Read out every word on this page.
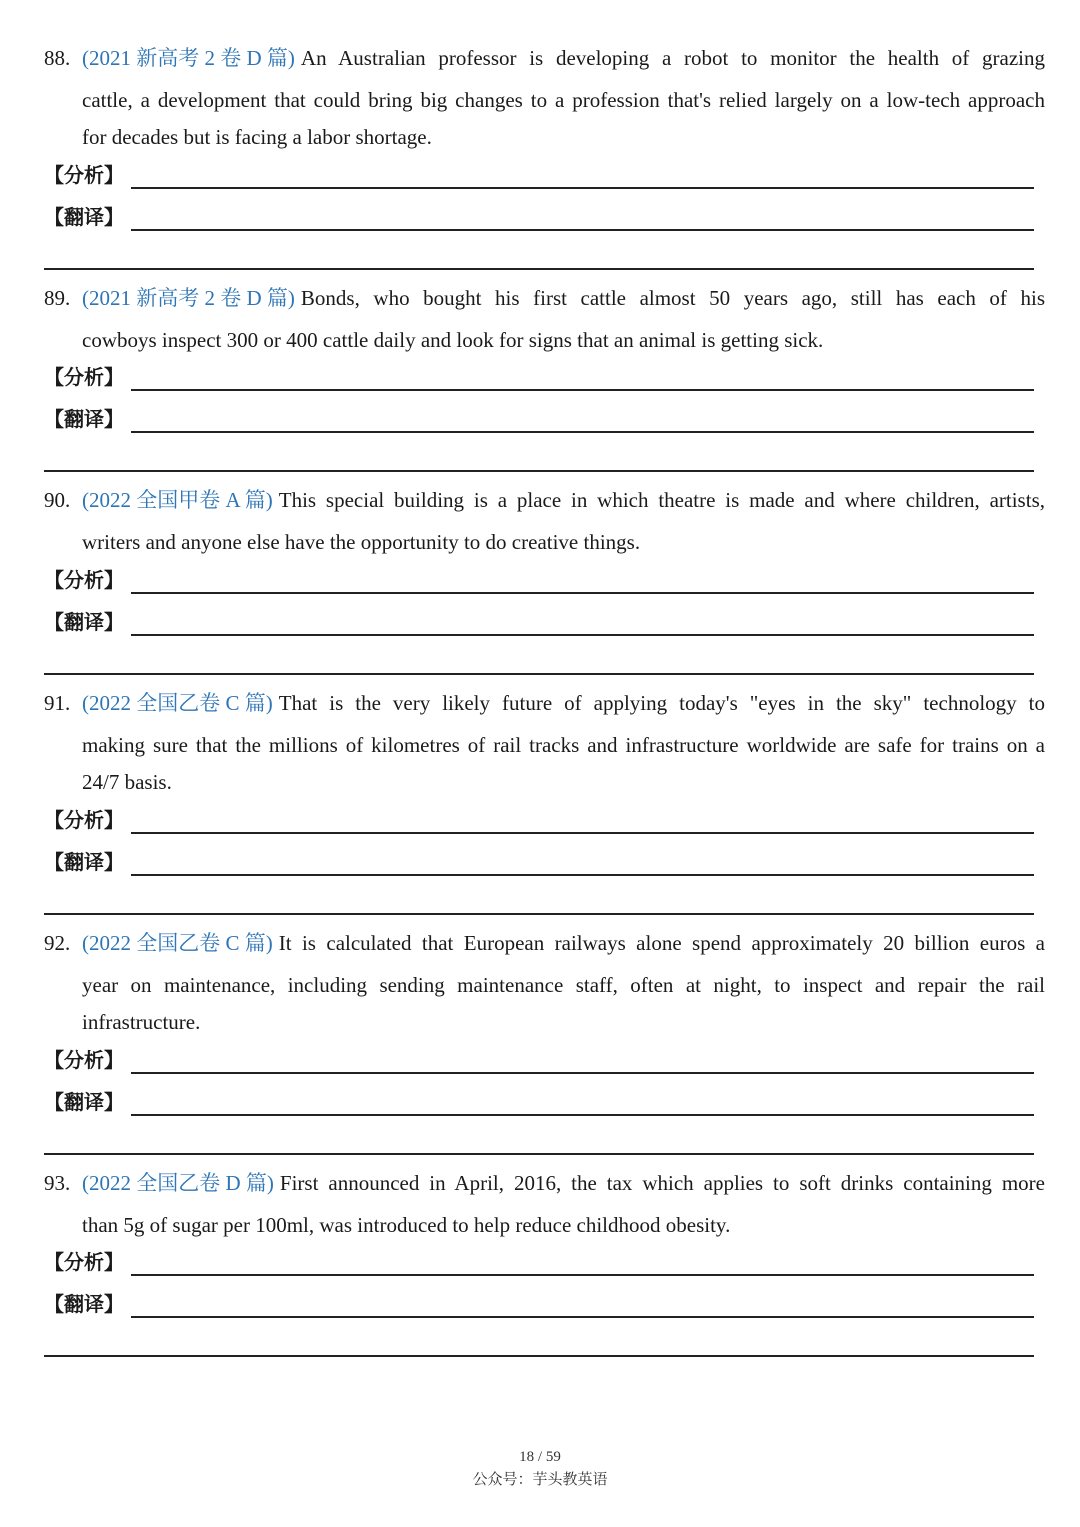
88. (2021 新高考 2 卷 D 篇) An Australian professor is developing a robot to monitor the health of grazing
cattle, a development that could bring big changes to a profession that's relied largely on a low-tech approach
for decades but is facing a labor shortage.
【分析】
【翻译】
89. (2021 新高考 2 卷 D 篇) Bonds, who bought his first cattle almost 50 years ago, still has each of his
cowboys inspect 300 or 400 cattle daily and look for signs that an animal is getting sick.
【分析】
【翻译】
90. (2022 全国甲卷 A 篇) This special building is a place in which theatre is made and where children, artists,
writers and anyone else have the opportunity to do creative things.
【分析】
【翻译】
91. (2022 全国乙卷 C 篇) That is the very likely future of applying today's "eyes in the sky" technology to
making sure that the millions of kilometres of rail tracks and infrastructure worldwide are safe for trains on a
24/7 basis.
【分析】
【翻译】
92. (2022 全国乙卷 C 篇) It is calculated that European railways alone spend approximately 20 billion euros a
year on maintenance, including sending maintenance staff, often at night, to inspect and repair the rail
infrastructure.
【分析】
【翻译】
93. (2022 全国乙卷 D 篇) First announced in April, 2016, the tax which applies to soft drinks containing more
than 5g of sugar per 100ml, was introduced to help reduce childhood obesity.
【分析】
【翻译】
18 / 59
公众号：芋头教英语
